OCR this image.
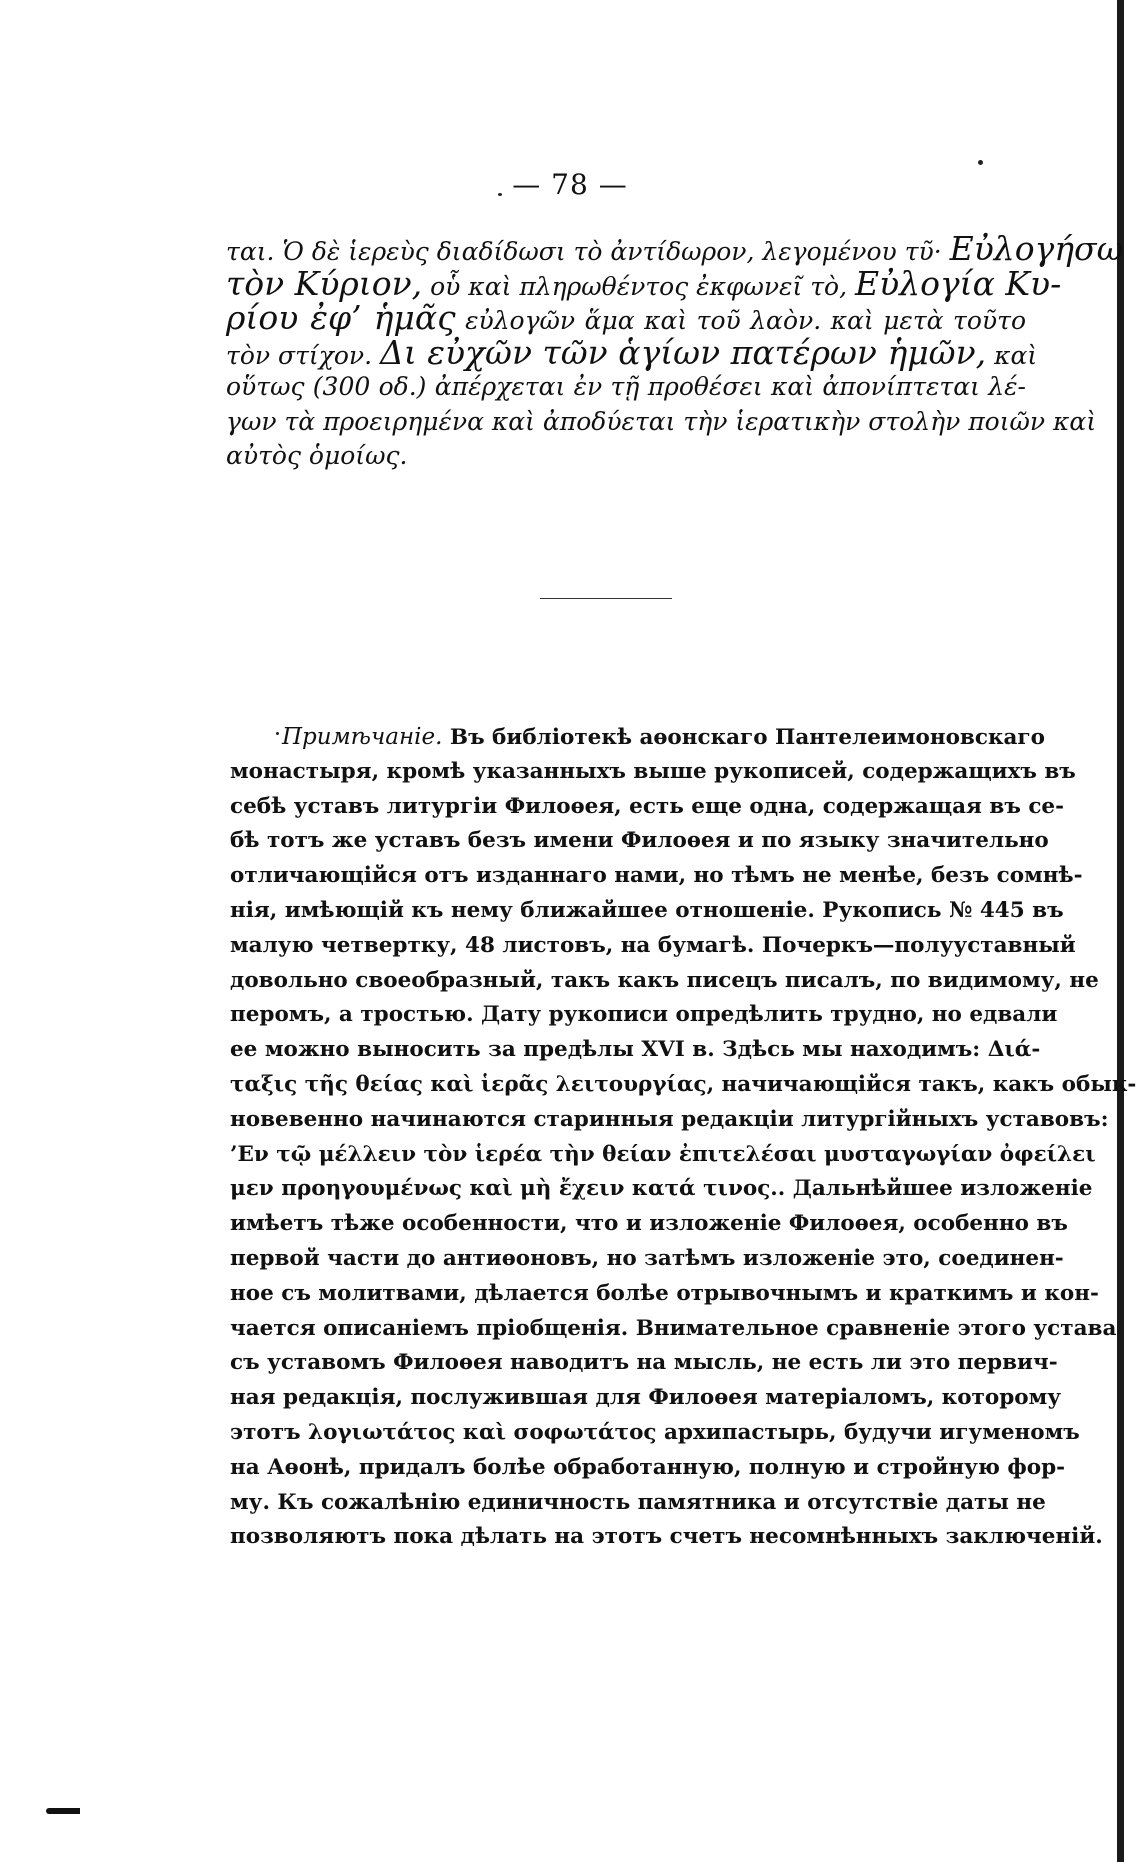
— 78 —
ται. Ὁ δὲ ἱερεὺς διαδίδωσι τὸ ἀντίδωρον, λεγομένου τῦ· Εὐλογήσω
τὸν Κύριον, οὗ καὶ πληρωθέντος ἐκφωνεῖ τὸ, Εὐλογία Κυ-
ρίου ἐφ’ ἡμᾶς εὐλογῶν ἅμα καὶ τοῦ λαὸν. καὶ μετὰ τοῦτο
τὸν στίχον. Δι εὐχῶν τῶν ἁγίων πατέρων ἡμῶν, καὶ
οὕτως (300 οδ.) ἀπέρχεται ἐν τῇ προθέσει καὶ ἀπονίπτεται λέ-
γων τὰ προειρημένα καὶ ἀποδύεται τὴν ἱερατικὴν στολὴν ποιῶν καὶ
αὐτὸς ὁμοίως.
Примѣчаніе. Въ библіотекѣ аѳонскаго Пантелеимоновскаго
монастыря, кромѣ указанныхъ выше рукописей, содержащихъ въ
себѣ уставъ литургіи Филоѳея, есть еще одна, содержащая въ се-
бѣ тотъ же уставъ безъ имени Филоѳея и по языку значительно
отличающійся отъ изданнаго нами, но тѣмъ не менѣе, безъ сомнѣ-
нія, имѣющій къ нему ближайшее отношеніе. Рукопись № 445 въ
малую четвертку, 48 листовъ, на бумагѣ. Почеркъ—полууставный
довольно своеобразный, такъ какъ писецъ писалъ, по видимому, не
перомъ, а тростью. Дату рукописи опредѣлить трудно, но едвали
ее можно выносить за предѣлы XVI в. Здѣсь мы находимъ: Διά-
ταξις τῆς θείας καὶ ἱερᾶς λειτουργίας, начичающійся такъ, какъ обык-
новевенно начинаются старинныя редакціи литургійныхъ уставовъ:
’Εν τῷ μέλλειν τὸν ἱερέα τὴν θείαν ἐπιτελέσαι μυσταγωγίαν ὀφείλει
μεν προηγουμένως καὶ μὴ ἔχειν κατά τινος.. Дальнѣйшее изложеніе
имѣетъ тѣже особенности, что и изложеніе Филоѳея, особенно въ
первой части до антиѳоновъ, но затѣмъ изложеніе это, соединен-
ное съ молитвами, дѣлается болѣе отрывочнымъ и краткимъ и кон-
чается описаніемъ пріобщенія. Внимательное сравненіе этого устава
съ уставомъ Филоѳея наводитъ на мысль, не есть ли это первич-
ная редакція, послужившая для Филоѳея матеріаломъ, которому
этотъ λογιωτάτος καὶ σοφωτάτος архипастырь, будучи игуменомъ
на Аѳонѣ, придалъ болѣе обработанную, полную и стройную фор-
му. Къ сожалѣнію единичность памятника и отсутствіе даты не
позволяютъ пока дѣлать на этотъ счетъ несомнѣнныхъ заключеній.
